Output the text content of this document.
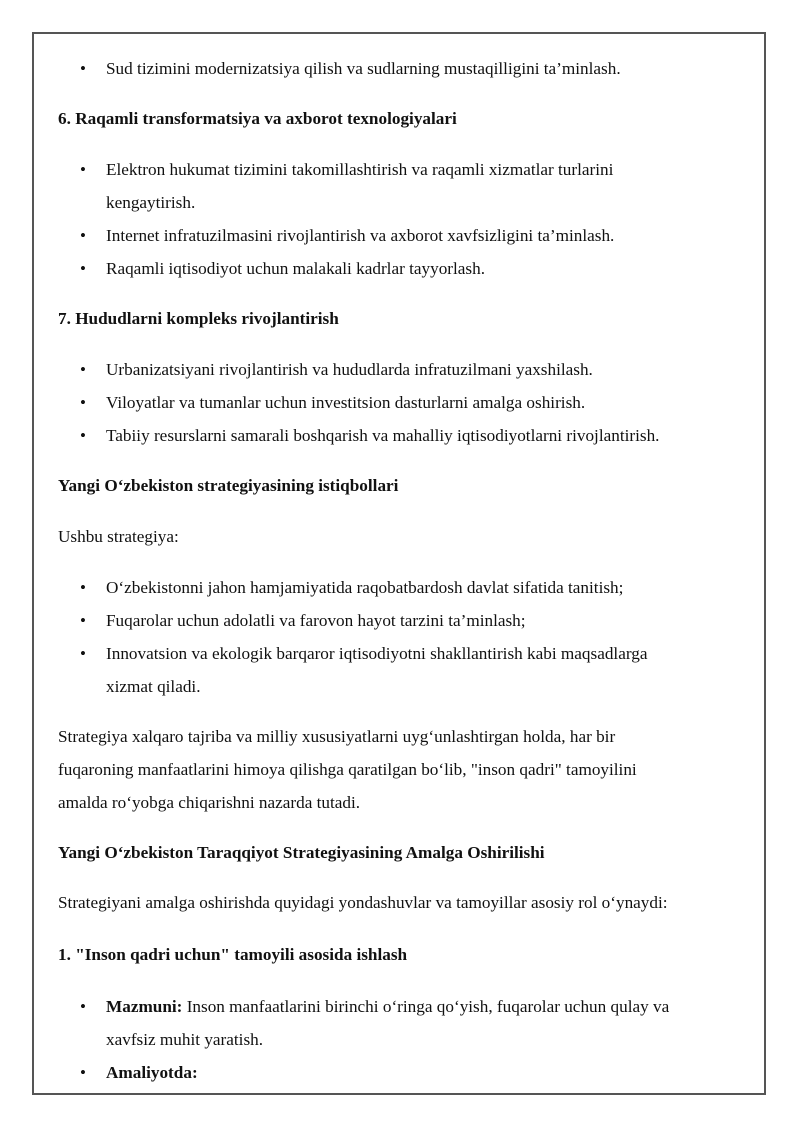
• Sud tizimini modernizatsiya qilish va sudlarning mustaqilligini ta’minlash.
6. Raqamli transformatsiya va axborot texnologiyalari
• Elektron hukumat tizimini takomillashtirish va raqamli xizmatlar turlarini
kengaytirish.
• Internet infratuzilmasini rivojlantirish va axborot xavfsizligini ta’minlash.
• Raqamli iqtisodiyot uchun malakali kadrlar tayyorlash.
7. Hududlarni kompleks rivojlantirish
• Urbanizatsiyani rivojlantirish va hududlarda infratuzilmani yaxshilash.
• Viloyatlar va tumanlar uchun investitsion dasturlarni amalga oshirish.
• Tabiiy resurslarni samarali boshqarish va mahalliy iqtisodiyotlarni rivojlantirish.
Yangi O‘zbekiston strategiyasining istiqbollari
Ushbu strategiya:
• O‘zbekistonni jahon hamjamiyatida raqobatbardosh davlat sifatida tanitish;
• Fuqarolar uchun adolatli va farovon hayot tarzini ta’minlash;
• Innovatsion va ekologik barqaror iqtisodiyotni shakllantirish kabi maqsadlarga
xizmat qiladi.
Strategiya xalqaro tajriba va milliy xususiyatlarni uyg‘unlashtirgan holda, har bir
fuqaroning manfaatlarini himoya qilishga qaratilgan bo‘lib, "inson qadri" tamoyilini
amalda ro‘yobga chiqarishni nazarda tutadi.
Yangi O‘zbekiston Taraqqiyot Strategiyasining Amalga Oshirilishi
Strategiyani amalga oshirishda quyidagi yondashuvlar va tamoyillar asosiy rol o‘ynaydi:
1. "Inson qadri uchun" tamoyili asosida ishlash
• Mazmuni: Inson manfaatlarini birinchi o‘ringa qo‘yish, fuqarolar uchun qulay va
xavfsiz muhit yaratish.
• Amaliyotda:
